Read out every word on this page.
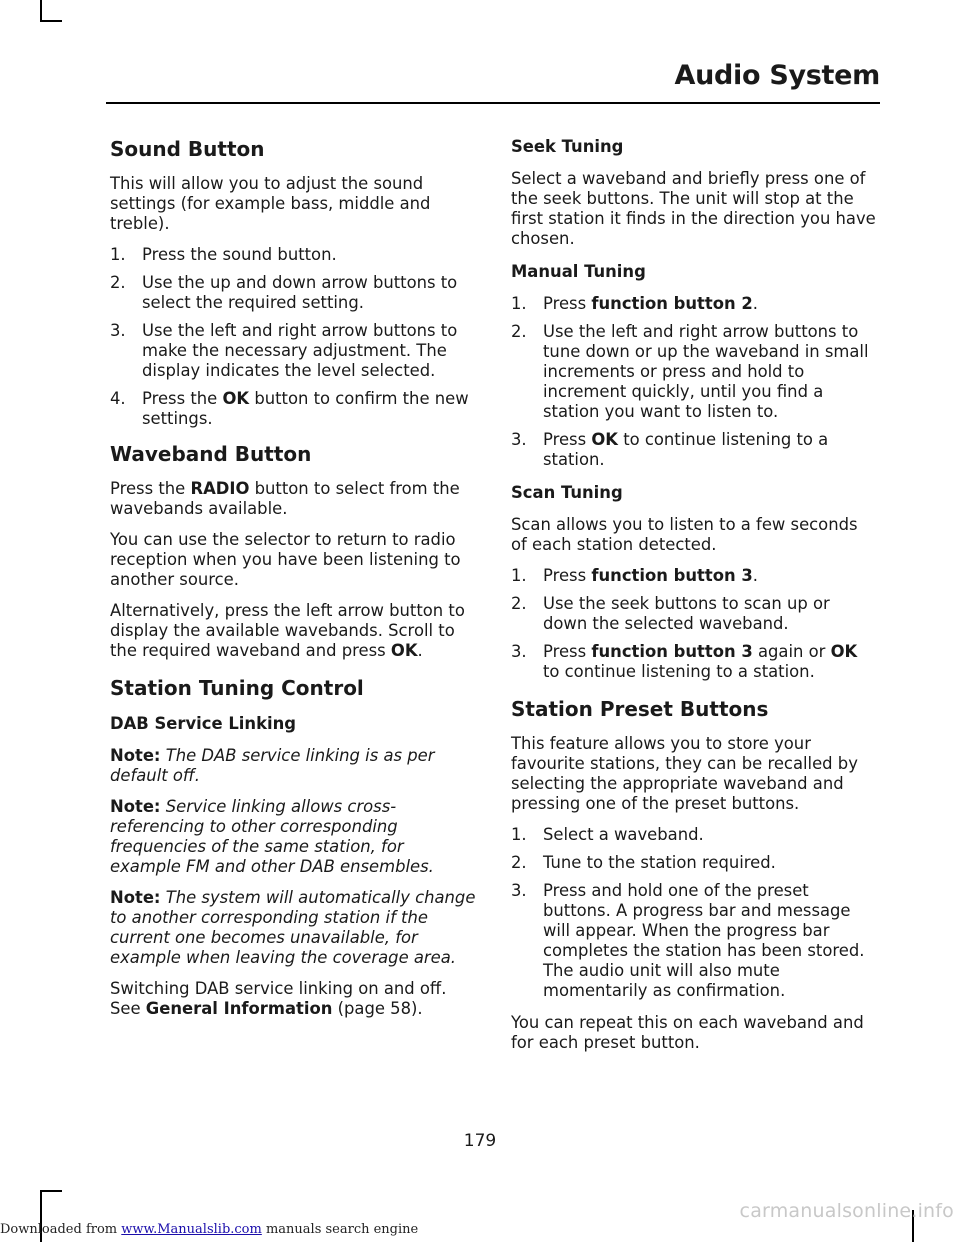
Audio System
Sound Button

This will allow you to adjust the sound settings (for example bass, middle and treble).

1. Press the sound button.
2. Use the up and down arrow buttons to select the required setting.
3. Use the left and right arrow buttons to make the necessary adjustment. The display indicates the level selected.
4. Press the OK button to confirm the new settings.
Waveband Button

Press the RADIO button to select from the wavebands available.

You can use the selector to return to radio reception when you have been listening to another source.

Alternatively, press the left arrow button to display the available wavebands. Scroll to the required waveband and press OK.

Station Tuning Control
DAB Service Linking

Note: The DAB service linking is as per default off.

Note: Service linking allows cross-referencing to other corresponding frequencies of the same station, for example FM and other DAB ensembles.

Note: The system will automatically change to another corresponding station if the current one becomes unavailable, for example when leaving the coverage area.

Switching DAB service linking on and off. See General Information (page 58).

Seek Tuning

Select a waveband and briefly press one of the seek buttons. The unit will stop at the first station it finds in the direction you have chosen.

Manual Tuning
1. Press function button 2.
2. Use the left and right arrow buttons to tune down or up the waveband in small increments or press and hold to increment quickly, until you find a station you want to listen to.
3. Press OK to continue listening to a station.
Scan Tuning

Scan allows you to listen to a few seconds of each station detected.

1. Press function button 3.
2. Use the seek buttons to scan up or down the selected waveband.
3. Press function button 3 again or OK to continue listening to a station.
Station Preset Buttons

This feature allows you to store your favourite stations, they can be recalled by selecting the appropriate waveband and pressing one of the preset buttons.

1. Select a waveband.
2. Tune to the station required.
3. Press and hold one of the preset buttons. A progress bar and message will appear. When the progress bar completes the station has been stored. The audio unit will also mute momentarily as confirmation.

You can repeat this on each waveband and for each preset button.

179
Downloaded from www.Manualslib.com manuals search engine
carmanualsonline.info
